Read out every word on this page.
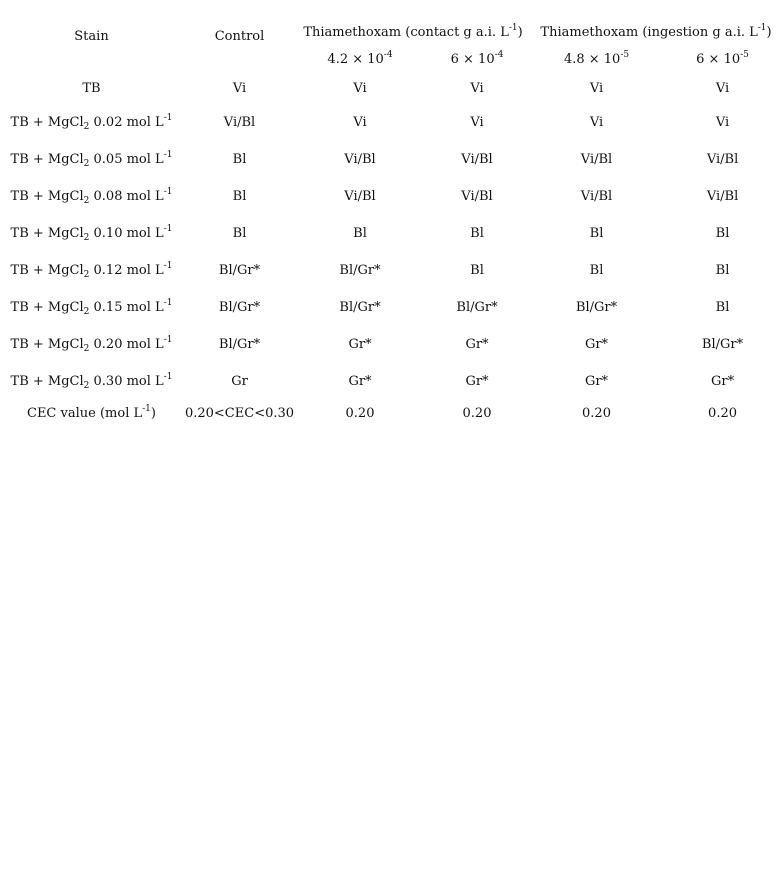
Stain	Control	Thiamethoxam (contact g a.i. $L^{-1}$)		Thiamethoxam (ingestion g a.i. $L^{-1}$)	
		$4.2 \times 10^{-4}$	$6 \times 10^{-4}$	$4.8 \times 10^{-5}$	$6 \times 10^{-5}$
TB	Vi	Vi	Vi	Vi	Vi
TB + MgCl$_2$ 0.02 mol $L^{-1}$	Vi/Bl	Vi	Vi	Vi	Vi
TB + MgCl$_2$ 0.05 mol $L^{-1}$	Bl	Vi/Bl	Vi/Bl	Vi/Bl	Vi/Bl
TB + MgCl$_2$ 0.08 mol $L^{-1}$	Bl	Vi/Bl	Vi/Bl	Vi/Bl	Vi/Bl
TB + MgCl$_2$ 0.10 mol $L^{-1}$	Bl	Bl	Bl	Bl	Bl
TB + MgCl$_2$ 0.12 mol $L^{-1}$	Bl/Gr*	Bl/Gr*	Bl	Bl	Bl
TB + MgCl$_2$ 0.15 mol $L^{-1}$	Bl/Gr*	Bl/Gr*	Bl/Gr*	Bl/Gr*	Bl
TB + MgCl$_2$ 0.20 mol $L^{-1}$	Bl/Gr*	Gr*	Gr*	Gr*	Bl/Gr*
TB + MgCl$_2$ 0.30 mol $L^{-1}$	Gr	Gr*	Gr*	Gr*	Gr*
CEC value (mol $L^{-1}$)	0.20<CEC<0.30	0.20	0.20	0.20	0.20
